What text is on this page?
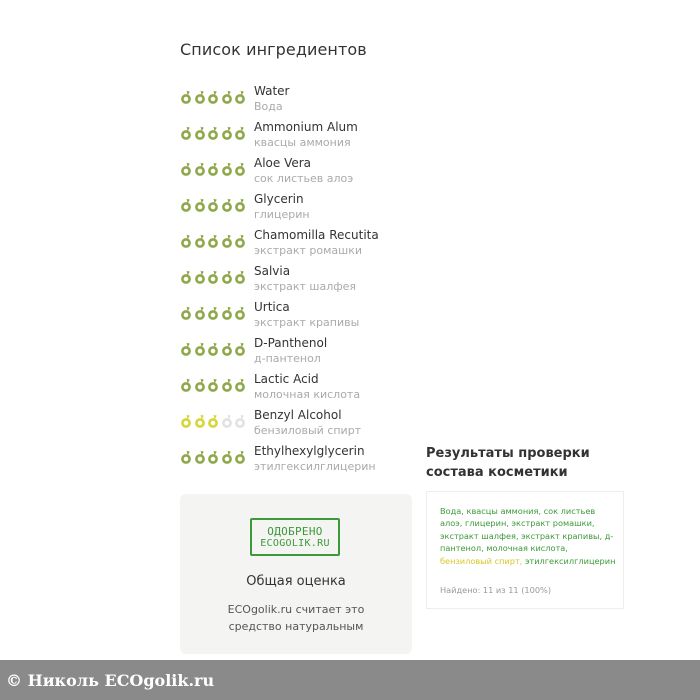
Список ингредиентов
Water
Вода
Ammonium Alum
квасцы аммония
Aloe Vera
сок листьев алоэ
Glycerin
глицерин
Chamomilla Recutita
экстракт ромашки
Salvia
экстракт шалфея
Urtica
экстракт крапивы
D-Panthenol
д-пантенол
Lactic Acid
молочная кислота
Benzyl Alcohol
бензиловый спирт
Ethylhexylglycerin
этилгексилглицерин
ОДОБРЕНО
ECOGOLIK.RU
Общая оценка
ECOgolik.ru считает это средство натуральным
Результаты проверки состава косметики
Вода, квасцы аммония, сок листьев алоэ, глицерин, экстракт ромашки, экстракт шалфея, экстракт крапивы, д-пантенол, молочная кислота, бензиловый спирт, этилгексилглицерин
Найдено: 11 из 11 (100%)
© Николь ECOgolik.ru
